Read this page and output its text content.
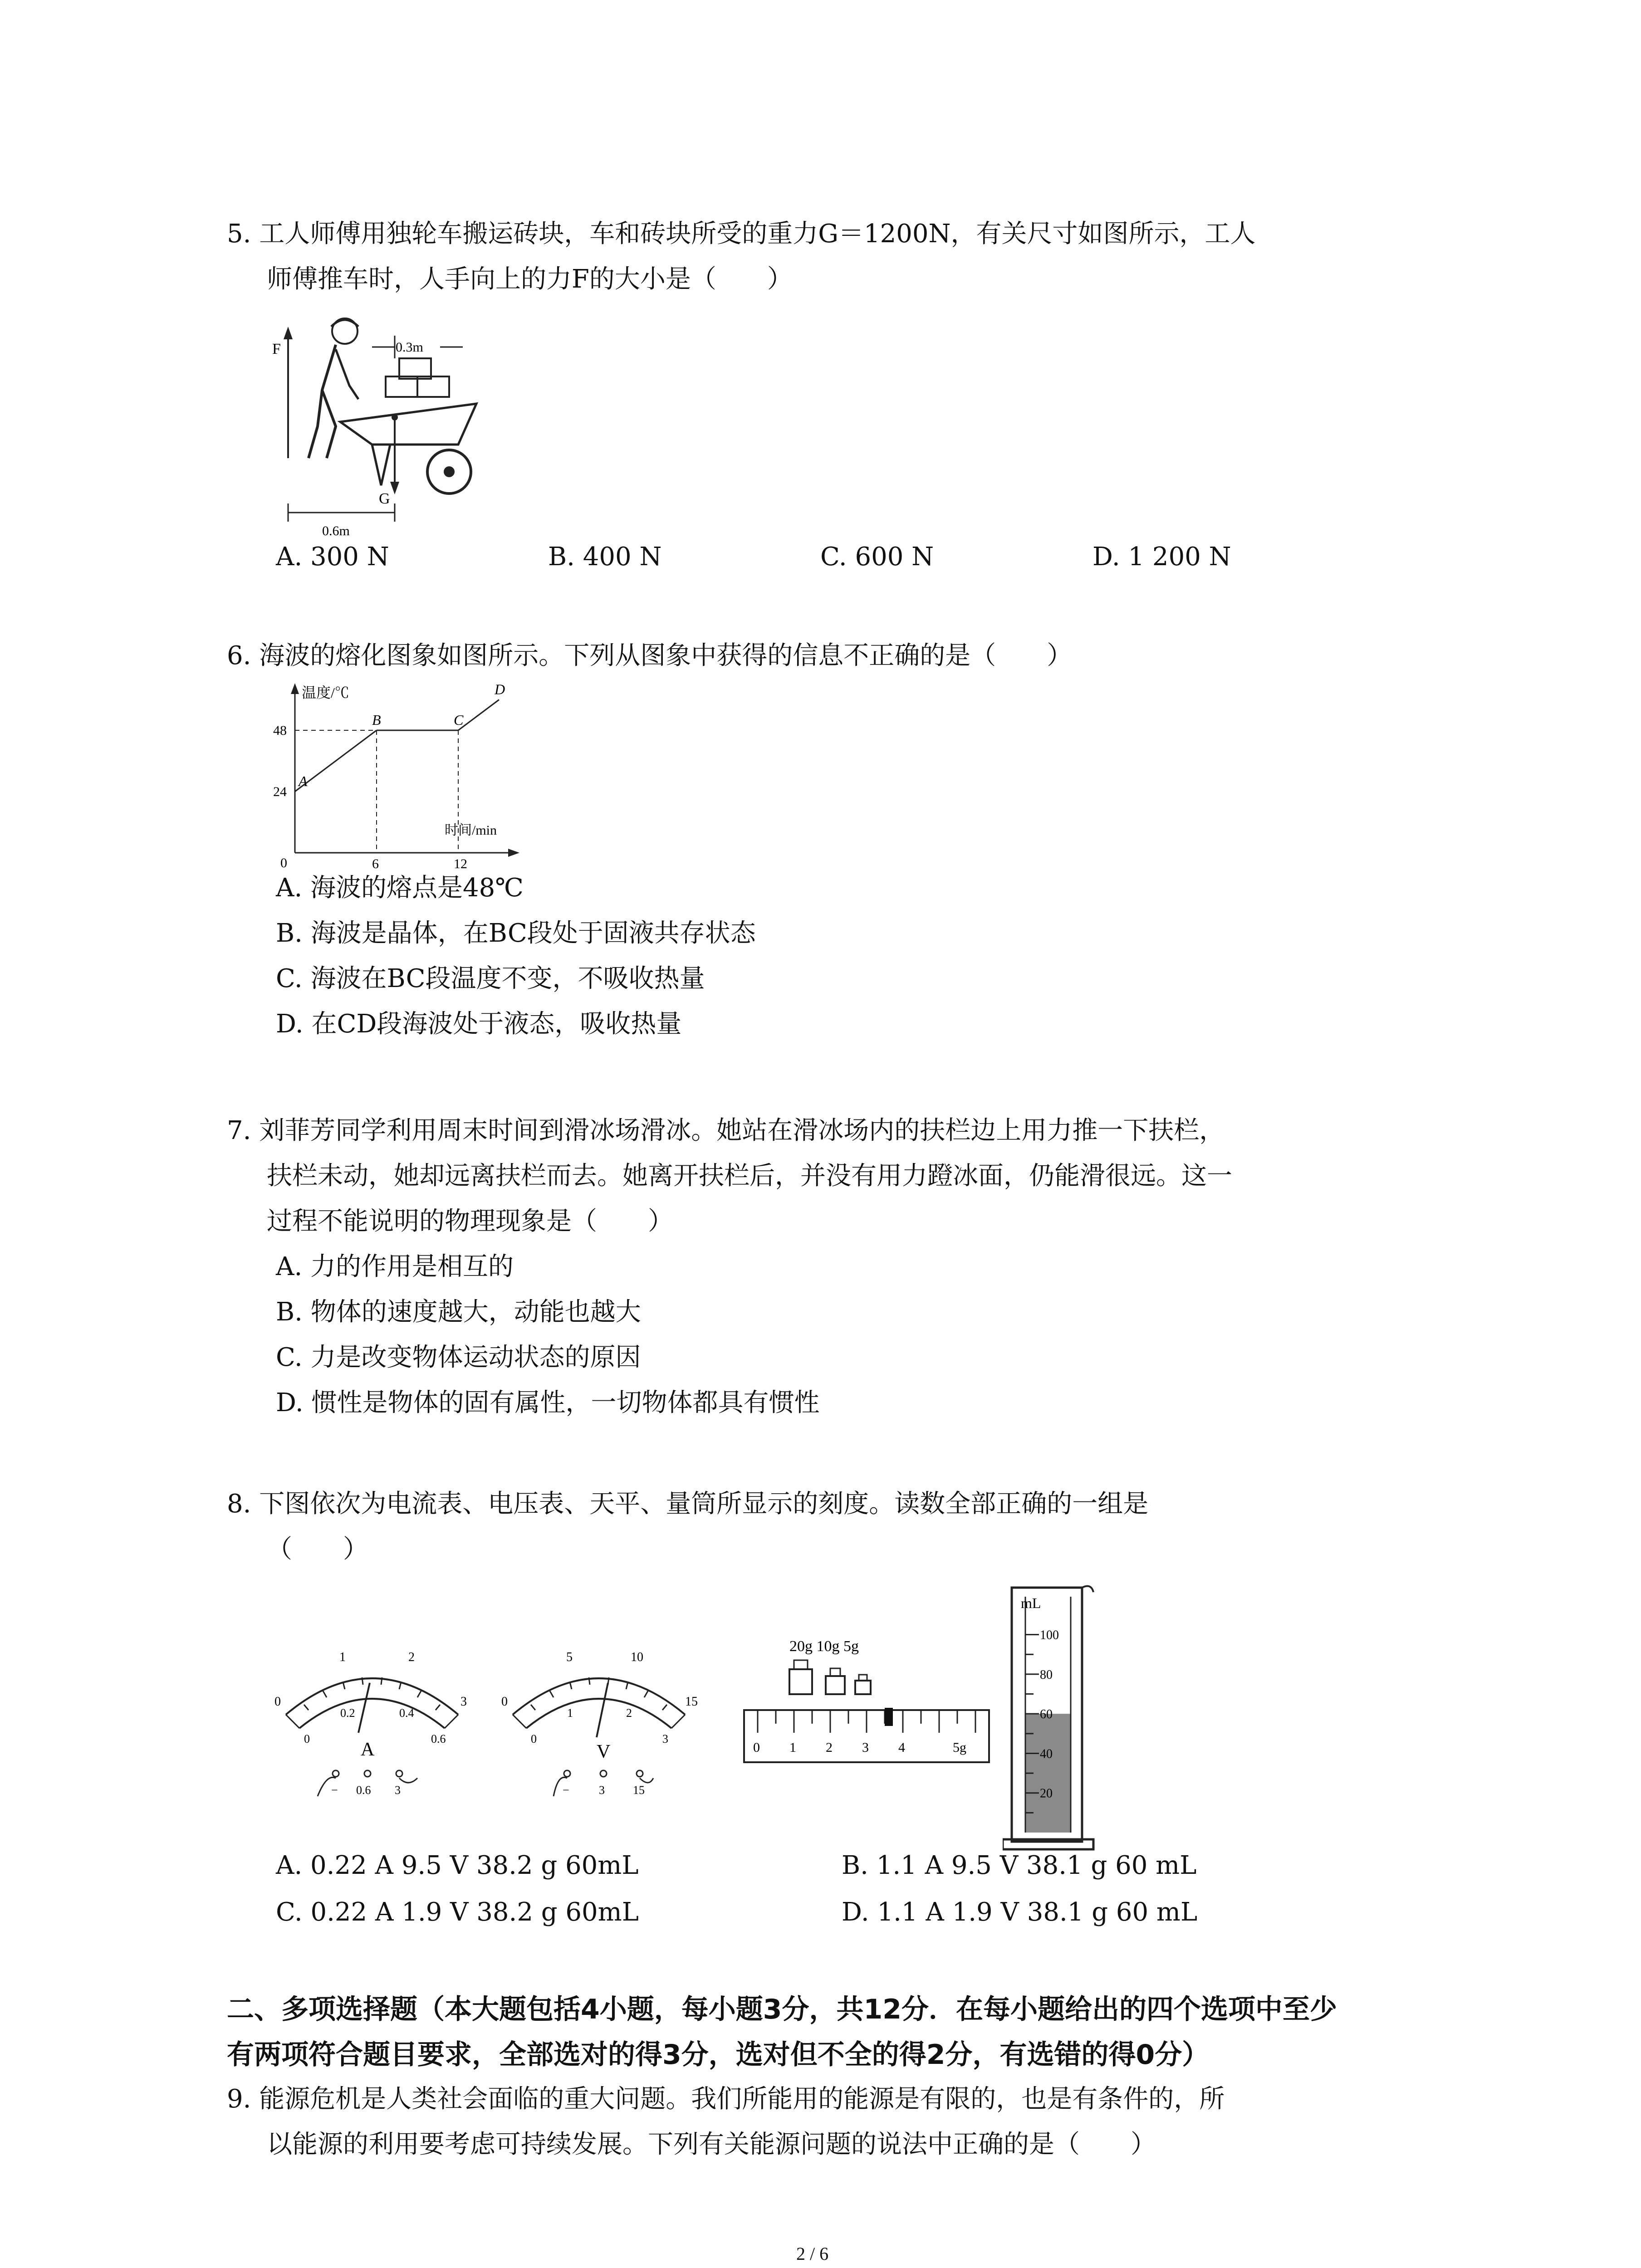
5. 工人师傅用独轮车搬运砖块，车和砖块所受的重力G＝1200N，有关尺寸如图所示，工人
师傅推车时，人手向上的力F的大小是（　　）
F	0.3m
G
0.6m
A. 300 N	B. 400 N	C. 600 N	D. 1 200 N
6. 海波的熔化图象如图所示。下列从图象中获得的信息不正确的是（　　）
温度/℃
时间/min
0
A
B	C
D
6	12
24
48
A. 海波的熔点是48℃
B. 海波是晶体，在BC段处于固液共存状态
C. 海波在BC段温度不变，不吸收热量
D. 在CD段海波处于液态，吸收热量
7. 刘菲芳同学利用周末时间到滑冰场滑冰。她站在滑冰场内的扶栏边上用力推一下扶栏，
扶栏未动，她却远离扶栏而去。她离开扶栏后，并没有用力蹬冰面，仍能滑很远。这一
过程不能说明的物理现象是（　　）
A. 力的作用是相互的
B. 物体的速度越大，动能也越大
C. 力是改变物体运动状态的原因
D. 惯性是物体的固有属性，一切物体都具有惯性
8. 下图依次为电流表、电压表、天平、量筒所显示的刻度。读数全部正确的一组是
（　　）
0
1	2
3
0
0.2	0.4
0.6
A
− 0.6 3
0
5	10
15
0
1	2
3
V
−	3 15
20g 10g 5g
0 1 2 3 4	5g
mL
100
80
60
40
20
A. 0.22 A 9.5 V 38.2 g 60mL	B. 1.1 A 9.5 V 38.1 g 60 mL
C. 0.22 A 1.9 V 38.2 g 60mL	D. 1.1 A 1.9 V 38.1 g 60 mL
二、多项选择题（本大题包括4小题，每小题3分，共12分．在每小题给出的四个选项中至少
有两项符合题目要求，全部选对的得3分，选对但不全的得2分，有选错的得0分）
9. 能源危机是人类社会面临的重大问题。我们所能用的能源是有限的，也是有条件的，所
以能源的利用要考虑可持续发展。下列有关能源问题的说法中正确的是（　　）
2 / 6
